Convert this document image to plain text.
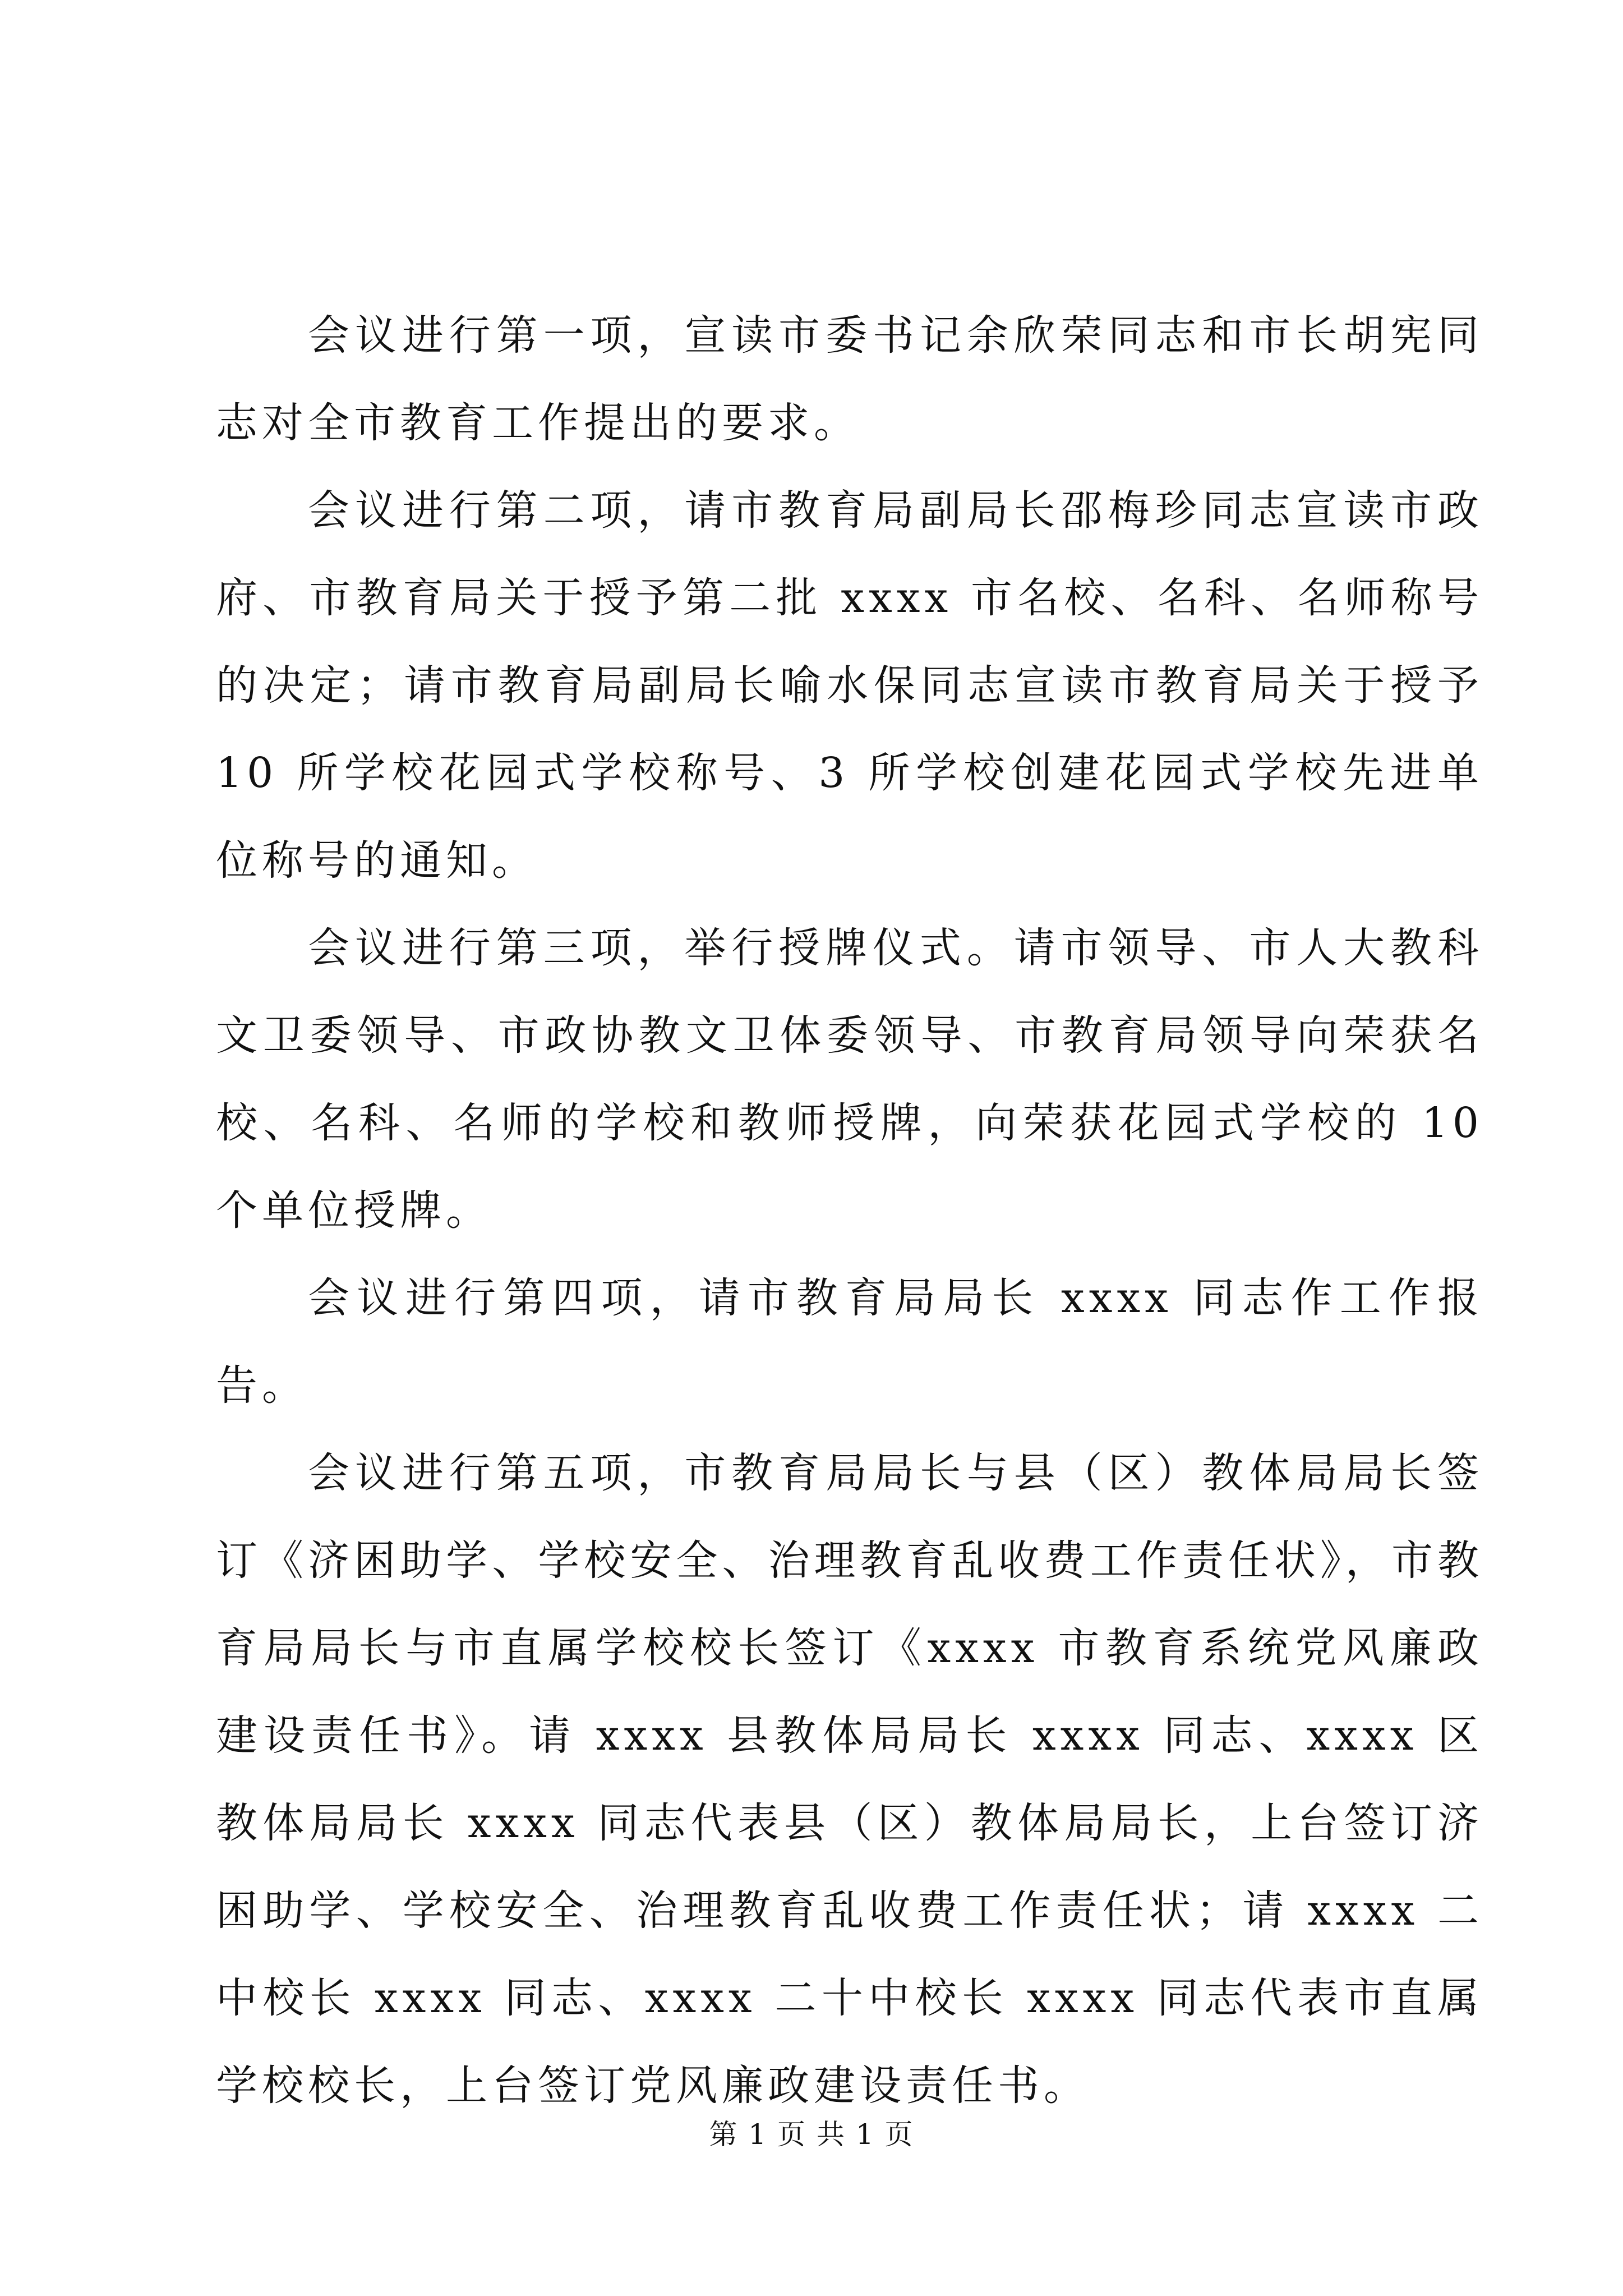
会议进行第一项，宣读市委书记余欣荣同志和市长胡宪同志对全市教育工作提出的要求。

会议进行第二项，请市教育局副局长邵梅珍同志宣读市政府、市教育局关于授予第二批 xxxx 市名校、名科、名师称号的决定；请市教育局副局长喻水保同志宣读市教育局关于授予 10 所学校花园式学校称号、3 所学校创建花园式学校先进单位称号的通知。

会议进行第三项，举行授牌仪式。请市领导、市人大教科文卫委领导、市政协教文卫体委领导、市教育局领导向荣获名校、名科、名师的学校和教师授牌，向荣获花园式学校的 10 个单位授牌。

会议进行第四项，请市教育局局长 xxxx 同志作工作报告。

会议进行第五项，市教育局局长与县（区）教体局局长签订《济困助学、学校安全、治理教育乱收费工作责任状》，市教育局局长与市直属学校校长签订《xxxx 市教育系统党风廉政建设责任书》。请 xxxx 县教体局局长 xxxx 同志、xxxx 区教体局局长 xxxx 同志代表县（区）教体局局长，上台签订济困助学、学校安全、治理教育乱收费工作责任状；请 xxxx 二中校长 xxxx 同志、xxxx 二十中校长 xxxx 同志代表市直属学校校长，上台签订党风廉政建设责任书。

第 1 页 共 1 页
